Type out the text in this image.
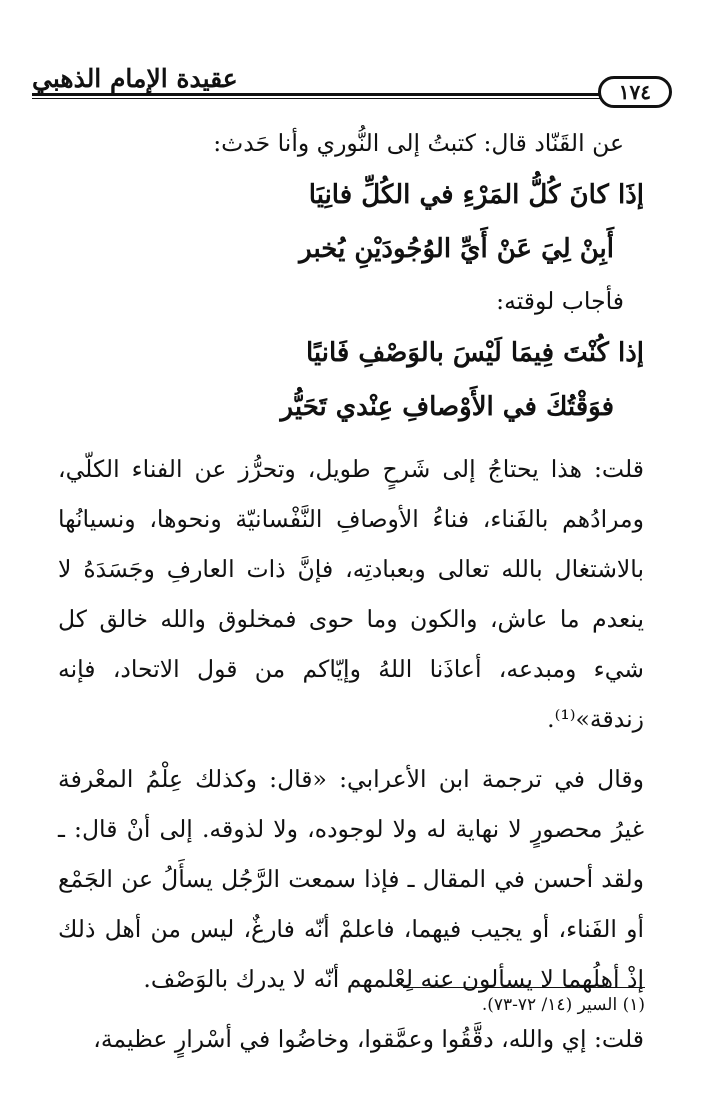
١٧٤
عقيدة الإمام الذهبي

عن القَنّاد قال: كتبتُ إلى النُّوري وأنا حَدث:

إذَا كانَ كُلُّ المَرْءِ في الكُلِّ فانِيَا

أَبِنْ لِيَ عَنْ أَيِّ الوُجُودَيْنِ يُخبر

فأجاب لوقته:

إذا كُنْتَ فِيمَا لَيْسَ بالوَصْفِ فَانيًا

فوَقْتُكَ في الأَوْصافِ عِنْدي تَحَيُّر

قلت: هذا يحتاجُ إلى شَرحٍ طويل، وتحرُّز عن الفناء الكلّي، ومرادُهم بالفَناء، فناءُ الأوصافِ النَّفْسانيّة ونحوها، ونسيانُها بالاشتغال بالله تعالى وبعبادتِه، فإنَّ ذات العارفِ وجَسَدَهُ لا ينعدم ما عاش، والكون وما حوى فمخلوق والله خالق كل شيء ومبدعه، أعاذَنا اللهُ وإيّاكم من قول الاتحاد، فإنه زندقة»⁽¹⁾.

وقال في ترجمة ابن الأعرابي: «قال: وكذلك عِلْمُ المعْرفة غيرُ محصورٍ لا نهاية له ولا لوجوده، ولا لذوقه. إلى أنْ قال: ـ ولقد أحسن في المقال ـ فإذا سمعت الرَّجُل يسأَلُ عن الجَمْع أو الفَناء، أو يجيب فيهما، فاعلمْ أنّه فارغٌ، ليس من أهل ذلك إذْ أهلُهما لا يسألون عنه لِعْلمهم أنّه لا يدرك بالوَصْف.

قلت: إي والله، دقَّقُوا وعمَّقوا، وخاضُوا في أسْرارٍ عظيمة،

(١) السير (١٤/ ٧٢-٧٣).
